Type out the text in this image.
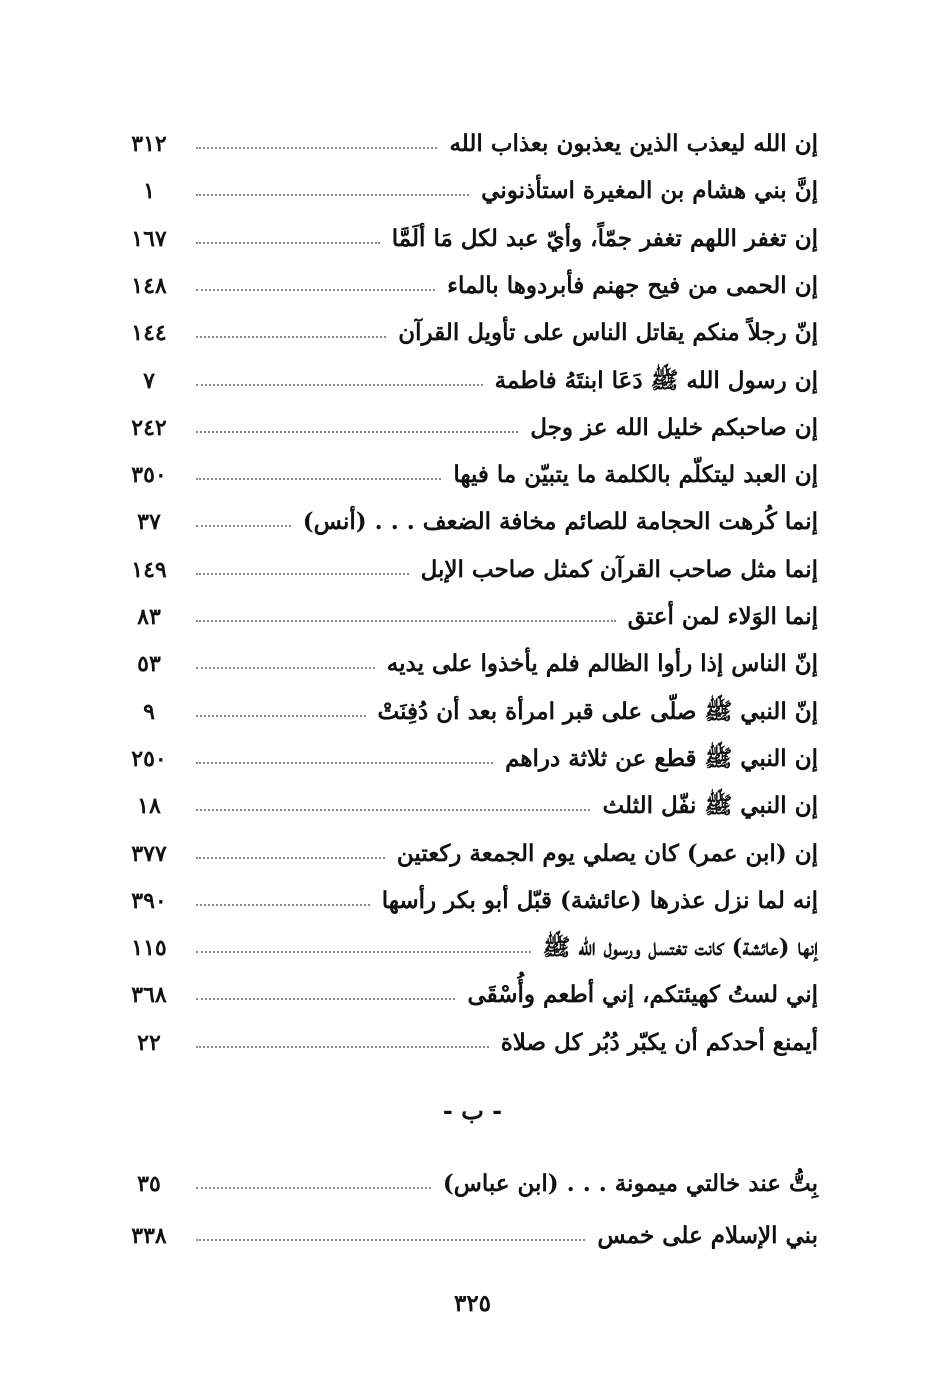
إن الله ليعذب الذين يعذبون بعذاب الله
٣١٢
إنَّ بني هشام بن المغيرة استأذنوني
١
إن تغفر اللهم تغفر جمّاً، وأيّ عبد لكل مَا ألَمَّا
١٦٧
إن الحمى من فيح جهنم فأبردوها بالماء
١٤٨
إنّ رجلاً منكم يقاتل الناس على تأويل القرآن
١٤٤
إن رسول الله ﷺ دَعَا ابنتَهُ فاطمة
٧
إن صاحبكم خليل الله عز وجل
٢٤٢
إن العبد ليتكلّم بالكلمة ما يتبيّن ما فيها
٣٥٠
إنما كُرهت الحجامة للصائم مخافة الضعف . . . (أنس)
٣٧
إنما مثل صاحب القرآن كمثل صاحب الإبل
١٤٩
إنما الوَلاء لمن أعتق
٨٣
إنّ الناس إذا رأوا الظالم فلم يأخذوا على يديه
٥٣
إنّ النبي ﷺ صلّى على قبر امرأة بعد أن دُفِنَتْ
٩
إن النبي ﷺ قطع عن ثلاثة دراهم
٢٥٠
إن النبي ﷺ نفّل الثلث
١٨
إن (ابن عمر) كان يصلي يوم الجمعة ركعتين
٣٧٧
إنه لما نزل عذرها (عائشة) قبّل أبو بكر رأسها
٣٩٠
إنها (عائشة) كانت تغتسل ورسول الله ﷺ
١١٥
إني لستُ كهيئتكم، إني أطعم وأُسْقَى
٣٦٨
أيمنع أحدكم أن يكبّر دُبُر كل صلاة
٢٢
- ب -
بِتُّ عند خالتي ميمونة . . . (ابن عباس)
٣٥
بني الإسلام على خمس
٣٣٨
٣٢٥
